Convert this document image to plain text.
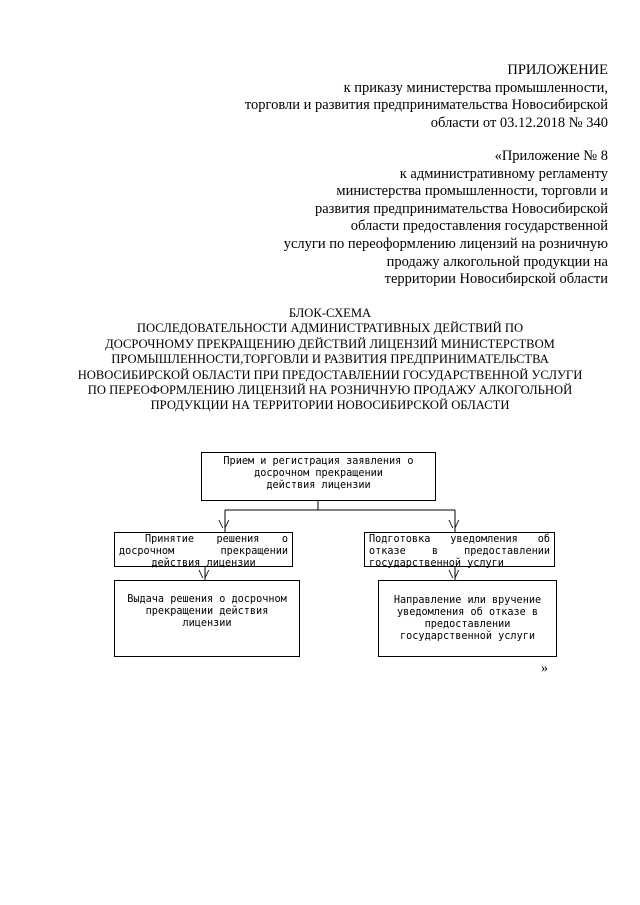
ПРИЛОЖЕНИЕ
к приказу министерства промышленности,
торговли и развития предпринимательства Новосибирской
области от 03.12.2018 № 340
«Приложение № 8
к административному регламенту
министерства промышленности, торговли и
развития предпринимательства Новосибирской
области предоставления государственной
услуги по переоформлению лицензий на розничную
продажу алкогольной продукции на
территории Новосибирской области
БЛОК-СХЕМА
ПОСЛЕДОВАТЕЛЬНОСТИ АДМИНИСТРАТИВНЫХ ДЕЙСТВИЙ ПО
ДОСРОЧНОМУ ПРЕКРАЩЕНИЮ ДЕЙСТВИЙ ЛИЦЕНЗИЙ МИНИСТЕРСТВОМ
ПРОМЫШЛЕННОСТИ,ТОРГОВЛИ И РАЗВИТИЯ ПРЕДПРИНИМАТЕЛЬСТВА
НОВОСИБИРСКОЙ ОБЛАСТИ ПРИ ПРЕДОСТАВЛЕНИИ ГОСУДАРСТВЕННОЙ УСЛУГИ
ПО ПЕРЕОФОРМЛЕНИЮ ЛИЦЕНЗИЙ НА РОЗНИЧНУЮ ПРОДАЖУ АЛКОГОЛЬНОЙ
ПРОДУКЦИИ НА ТЕРРИТОРИИ НОВОСИБИРСКОЙ ОБЛАСТИ
Прием и регистрация заявления о
досрочном прекращении
действия лицензии
\/	\/
Принятие решения о
досрочном	прекращении
действия лицензии
Подготовка уведомления об
отказе	в	предоставлении
государственной услуги
\/	\/
Выдача решения о досрочном
прекращении действия
лицензии
Направление или вручение
уведомления об отказе в
предоставлении
государственной услуги
»
